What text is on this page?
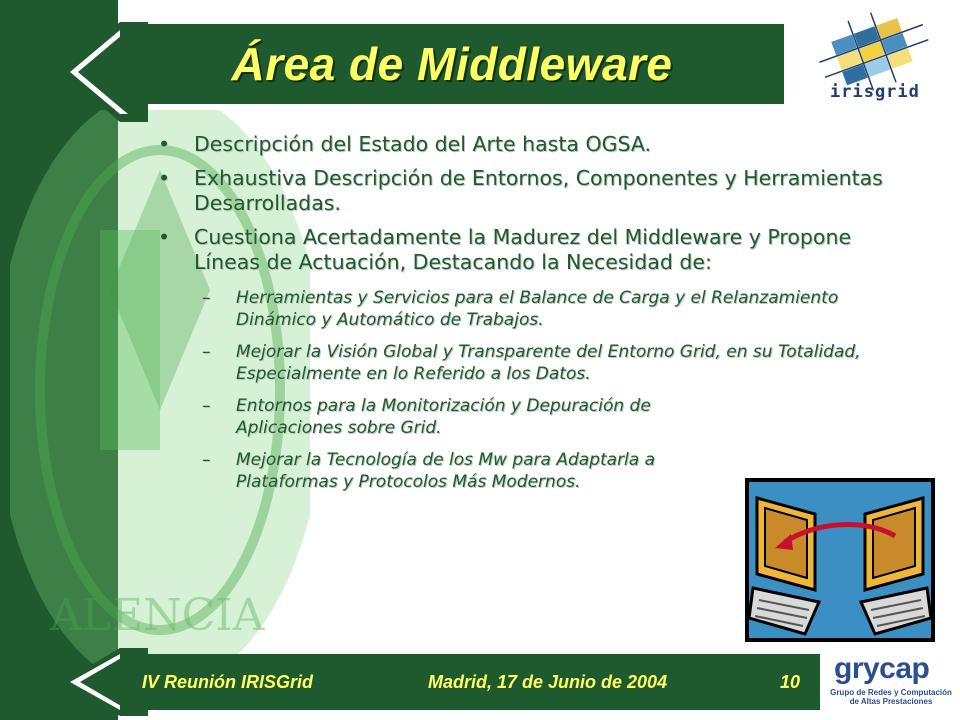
ALENCIA
Área de Middleware
irisgrid
• Descripción del Estado del Arte hasta OGSA.
• Exhaustiva Descripción de Entornos, Componentes y Herramientas Desarrolladas.
• Cuestiona Acertadamente la Madurez del Middleware y Propone Líneas de Actuación, Destacando la Necesidad de:
– Herramientas y Servicios para el Balance de Carga y el Relanzamiento Dinámico y Automático de Trabajos.
– Mejorar la Visión Global y Transparente del Entorno Grid, en su Totalidad, Especialmente en lo Referido a los Datos.
– Entornos para la Monitorización y Depuración de Aplicaciones sobre Grid.
– Mejorar la Tecnología de los Mw para Adaptarla a Plataformas y Protocolos Más Modernos.
IV Reunión IRISGrid	Madrid, 17 de Junio de 2004	10 grycap
Grupo de Redes y Computación de Altas Prestaciones
